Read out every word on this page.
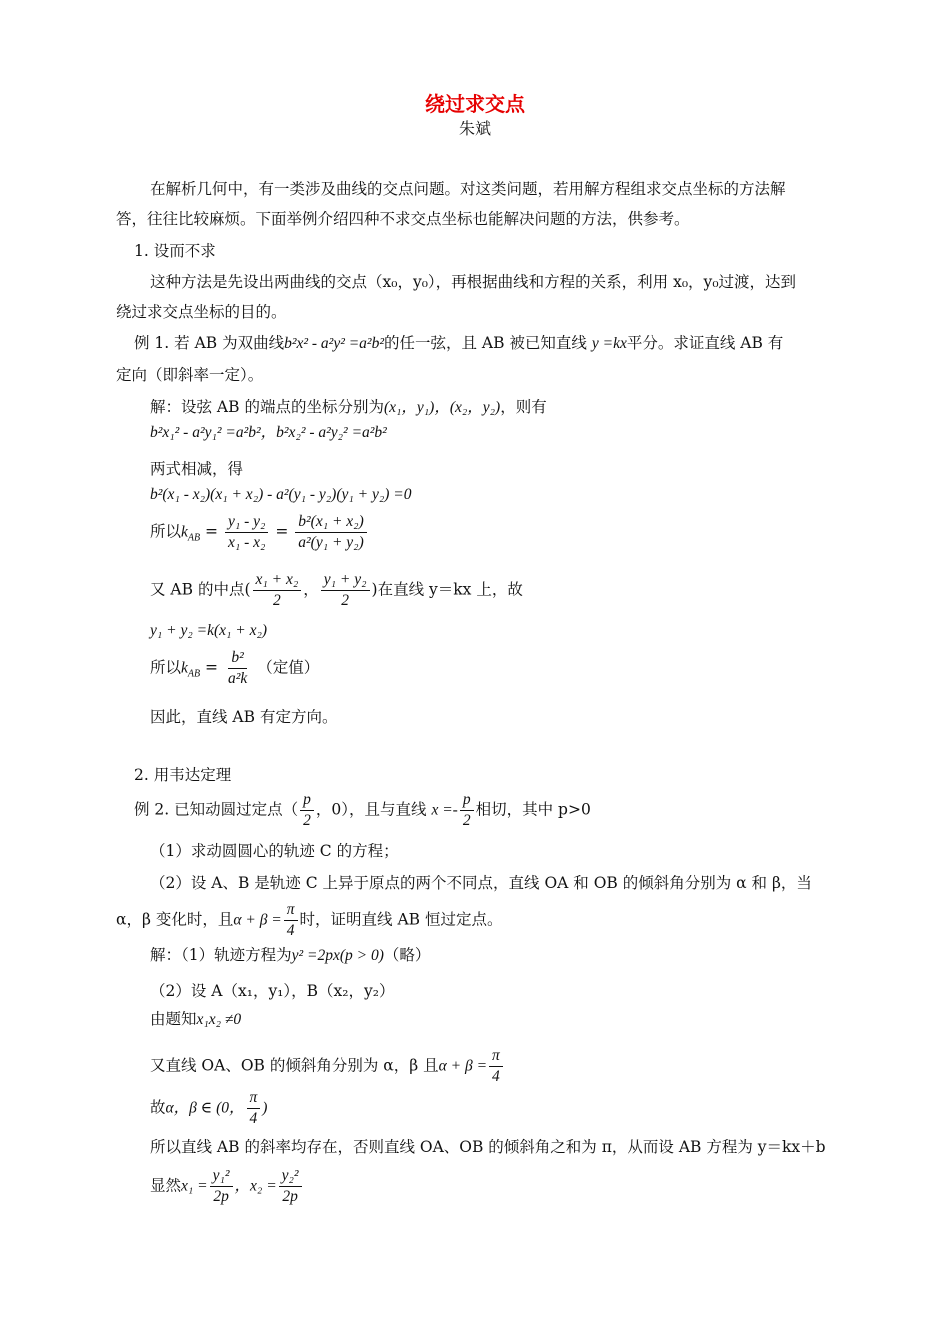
绕过求交点
朱斌
在解析几何中，有一类涉及曲线的交点问题。对这类问题，若用解方程组求交点坐标的方法解
答，往往比较麻烦。下面举例介绍四种不求交点坐标也能解决问题的方法，供参考。
1. 设而不求
这种方法是先设出两曲线的交点（x₀，y₀），再根据曲线和方程的关系，利用 x₀，y₀过渡，达到
绕过求交点坐标的目的。
例 1. 若 AB 为双曲线b²x² - a²y² =a²b²的任一弦，且 AB 被已知直线 y =kx平分。求证直线 AB 有
定向（即斜率一定）。
解：设弦 AB 的端点的坐标分别为(x₁，y₁)，(x₂，y₂)，则有
b²x₁² - a²y₁² =a²b²，b²x₂² - a²y₂² =a²b²
两式相减，得
b²(x₁ - x₂)(x₁ + x₂) - a²(y₁ - y₂)(y₁ + y₂) =0
所以$k_{AB} = \frac{\text{y₁ - y₂}}{\text{x₁ - x₂}} = \frac{\text{b²(x₁ + x₂)}}{\text{a²(y₁ + y₂)}}$
又 AB 的中点( $\frac{\text{x₁ + x₂}}{2}$ ， $\frac{\text{y₁ + y₂}}{2}$ )在直线 y＝kx 上，故
y₁ + y₂ =k(x₁ + x₂)
所以$k_{AB} = \frac{\text{b²}}{\text{a²k}}$ （定值）
因此，直线 AB 有定方向。
2. 用韦达定理
例 2. 已知动圆过定点（ $\frac{p}{2}$ ，0），且与直线 $x =- \frac{p}{2}$ 相切，其中 p>0
（1）求动圆圆心的轨迹 C 的方程；
（2）设 A、B 是轨迹 C 上异于原点的两个不同点，直线 OA 和 OB 的倾斜角分别为 α 和 β，当
α，β 变化时，且$\alpha + \beta = \frac{\pi}{4}$ 时，证明直线 AB 恒过定点。
解：（1）轨迹方程为y² =2px(p > 0)（略）
（2）设 A（x₁，y₁），B（x₂，y₂）
由题知x₁x₂ ≠0
又直线 OA、OB 的倾斜角分别为 α，β 且$\alpha + \beta = \frac{\pi}{4}$
故α，β ∈ (0， $\frac{\pi}{4}$ )
所以直线 AB 的斜率均存在，否则直线 OA、OB 的倾斜角之和为 π，从而设 AB 方程为 y＝kx＋b
显然$x_1 = \frac{\text{y₁²}}{2p}$ ，$x_2 = \frac{\text{y₂²}}{2p}$
